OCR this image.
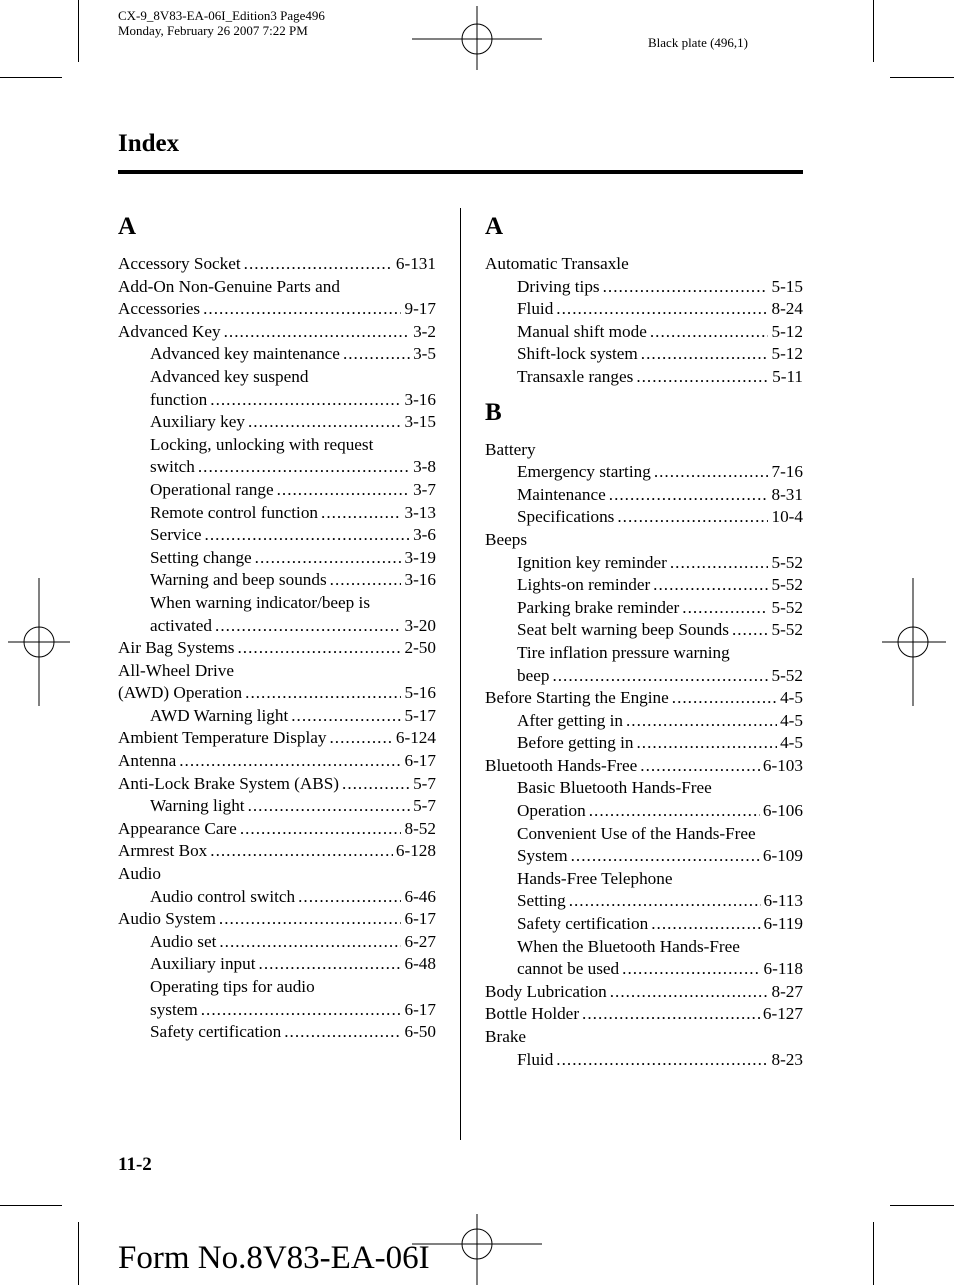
CX-9_8V83-EA-06I_Edition3 Page496
Monday, February 26 2007 7:22 PM
Black plate (496,1)
Index
A
Accessory Socket .....	6-131
Add-On Non-Genuine Parts and
Accessories .....	9-17
Advanced Key .....	3-2
Advanced key maintenance .....	3-5
Advanced key suspend
function .....	3-16
Auxiliary key .....	3-15
Locking, unlocking with request
switch .....	3-8
Operational range .....	3-7
Remote control function .....	3-13
Service .....	3-6
Setting change .....	3-19
Warning and beep sounds .....	3-16
When warning indicator/beep is
activated .....	3-20
Air Bag Systems .....	2-50
All-Wheel Drive
(AWD) Operation .....	5-16
AWD Warning light .....	5-17
Ambient Temperature Display .....	6-124
Antenna .....	6-17
Anti-Lock Brake System (ABS) .....	5-7
Warning light .....	5-7
Appearance Care .....	8-52
Armrest Box .....	6-128
Audio
Audio control switch .....	6-46
Audio System .....	6-17
Audio set .....	6-27
Auxiliary input .....	6-48
Operating tips for audio
system .....	6-17
Safety certification .....	6-50
A
Automatic Transaxle
Driving tips .....	5-15
Fluid .....	8-24
Manual shift mode .....	5-12
Shift-lock system .....	5-12
Transaxle ranges .....	5-11
B
Battery
Emergency starting .....	7-16
Maintenance .....	8-31
Specifications .....	10-4
Beeps
Ignition key reminder .....	5-52
Lights-on reminder .....	5-52
Parking brake reminder .....	5-52
Seat belt warning beep Sounds ..... 5-52
Tire inflation pressure warning
beep .....	5-52
Before Starting the Engine .....	4-5
After getting in .....	4-5
Before getting in .....	4-5
Bluetooth Hands-Free .....	6-103
Basic Bluetooth Hands-Free
Operation .....	6-106
Convenient Use of the Hands-Free
System .....	6-109
Hands-Free Telephone
Setting .....	6-113
Safety certification .....	6-119
When the Bluetooth Hands-Free
cannot be used .....	6-118
Body Lubrication .....	8-27
Bottle Holder .....	6-127
Brake
Fluid .....	8-23
11-2
Form No.8V83-EA-06I
